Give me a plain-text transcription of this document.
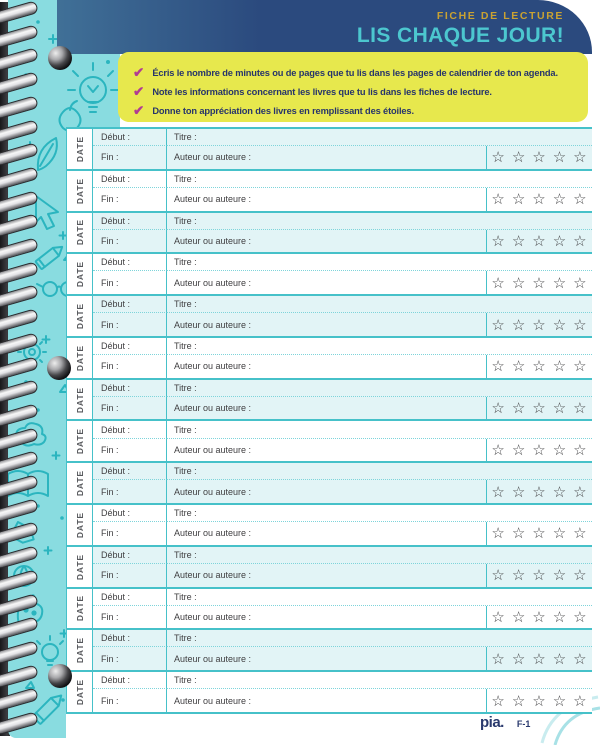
FICHE DE LECTURE
LIS CHAQUE JOUR!
✔ Écris le nombre de minutes ou de pages que tu lis dans les pages de calendrier de ton agenda.
✔ Note les informations concernant les livres que tu lis dans les fiches de lecture.
✔ Donne ton appréciation des livres en remplissant des étoiles.
DATE Début :	Titre :
Fin :	Auteur ou auteure :	☆☆☆☆☆
DATE Début :	Titre :
Fin :	Auteur ou auteure :	☆☆☆☆☆
DATE Début :	Titre :
Fin :	Auteur ou auteure :	☆☆☆☆☆
DATE Début :	Titre :
Fin :	Auteur ou auteure :	☆☆☆☆☆
DATE Début :	Titre :
Fin :	Auteur ou auteure :	☆☆☆☆☆
DATE Début :	Titre :
Fin :	Auteur ou auteure :	☆☆☆☆☆
DATE Début :	Titre :
Fin :	Auteur ou auteure :	☆☆☆☆☆
DATE Début :	Titre :
Fin :	Auteur ou auteure :	☆☆☆☆☆
DATE Début :	Titre :
Fin :	Auteur ou auteure :	☆☆☆☆☆
DATE Début :	Titre :
Fin :	Auteur ou auteure :	☆☆☆☆☆
DATE Début :	Titre :
Fin :	Auteur ou auteure :	☆☆☆☆☆
DATE Début :	Titre :
Fin :	Auteur ou auteure :	☆☆☆☆☆
DATE Début :	Titre :
Fin :	Auteur ou auteure :	☆☆☆☆☆
DATE Début :	Titre :
Fin :	Auteur ou auteure :	☆☆☆☆☆
pia. F-1
